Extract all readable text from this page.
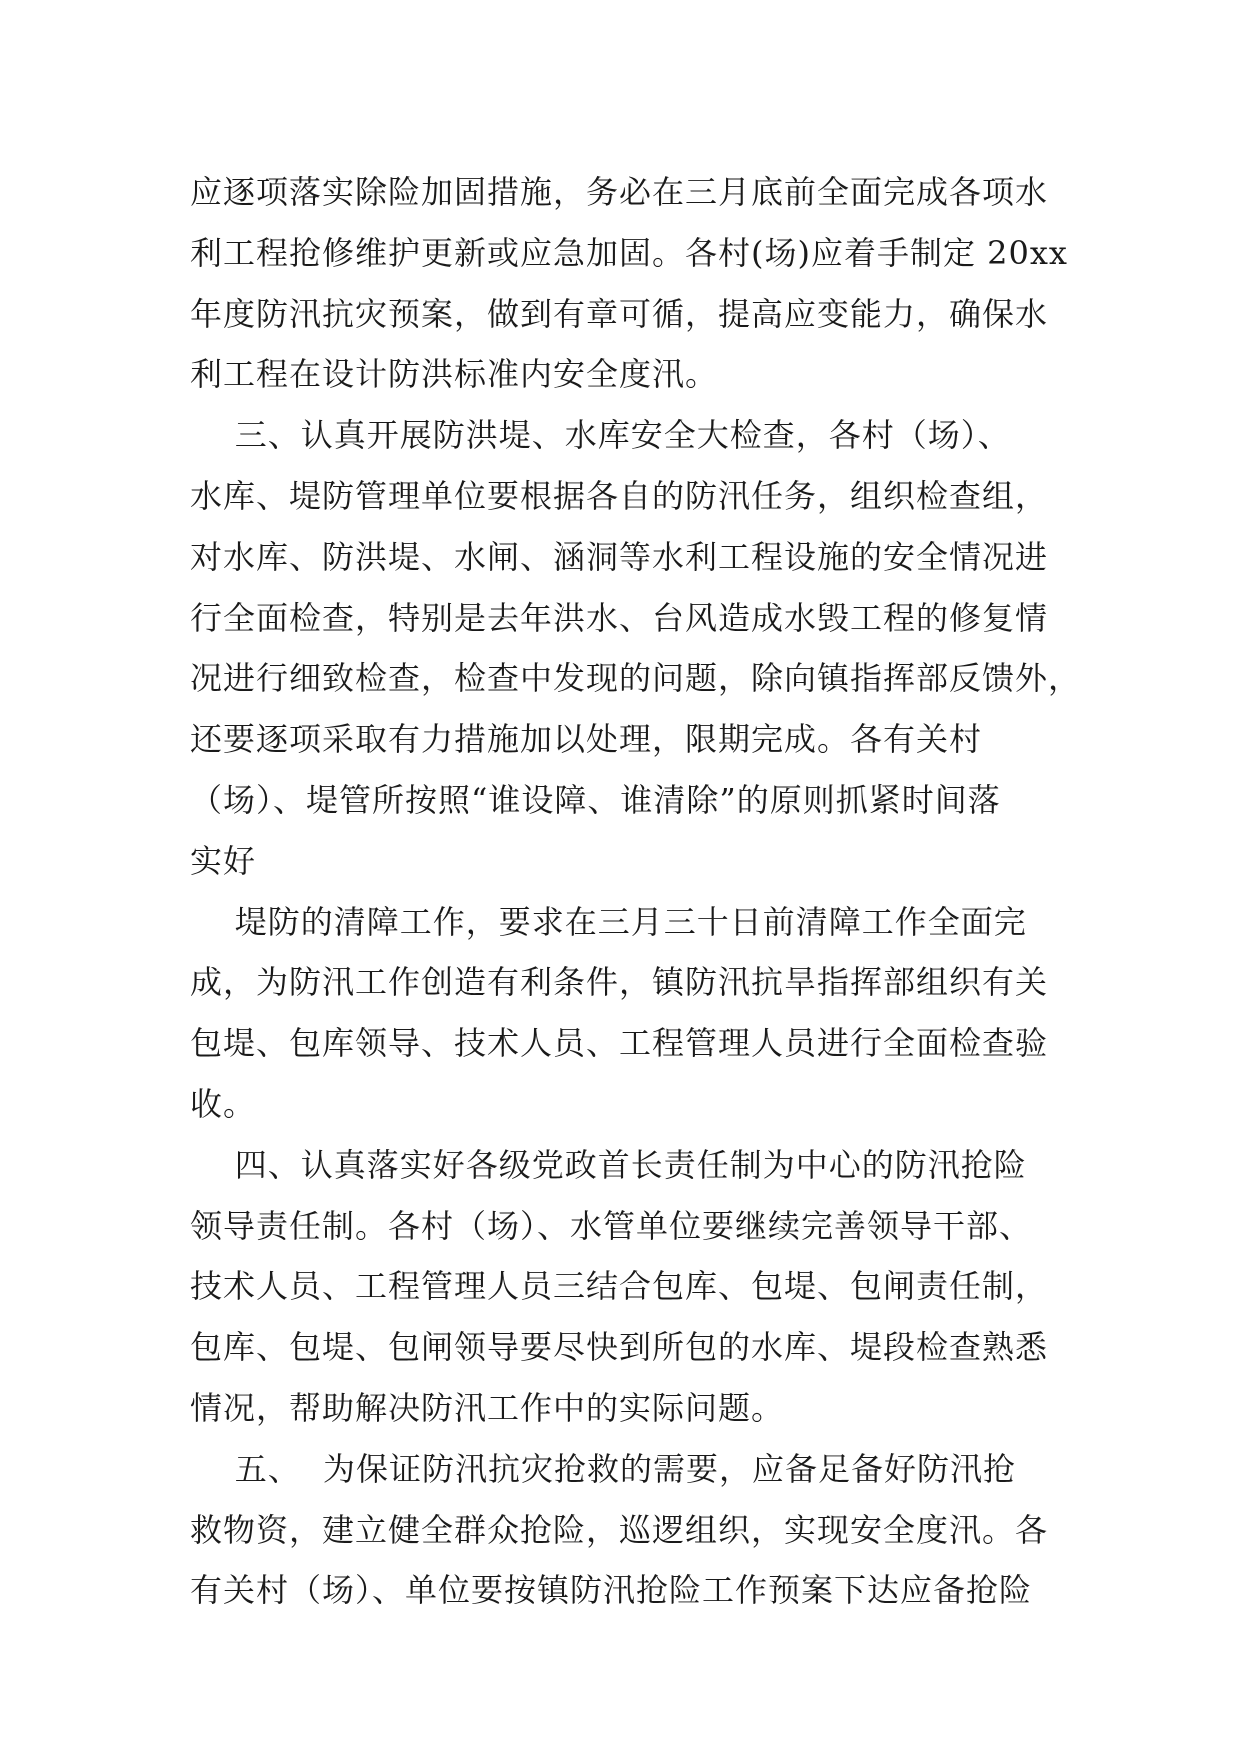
应逐项落实除险加固措施，务必在三月底前全面完成各项水
利工程抢修维护更新或应急加固。各村(场)应着手制定 20xx
年度防汛抗灾预案，做到有章可循，提高应变能力，确保水
利工程在设计防洪标准内安全度汛。
三、认真开展防洪堤、水库安全大检查，各村（场）、
水库、堤防管理单位要根据各自的防汛任务，组织检查组，
对水库、防洪堤、水闸、涵洞等水利工程设施的安全情况进
行全面检查，特别是去年洪水、台风造成水毁工程的修复情
况进行细致检查，检查中发现的问题，除向镇指挥部反馈外，
还要逐项采取有力措施加以处理，限期完成。各有关村
（场）、堤管所按照“谁设障、谁清除”的原则抓紧时间落
实好
堤防的清障工作，要求在三月三十日前清障工作全面完
成，为防汛工作创造有利条件，镇防汛抗旱指挥部组织有关
包堤、包库领导、技术人员、工程管理人员进行全面检查验
收。
四、认真落实好各级党政首长责任制为中心的防汛抢险
领导责任制。各村（场）、水管单位要继续完善领导干部、
技术人员、工程管理人员三结合包库、包堤、包闸责任制，
包库、包堤、包闸领导要尽快到所包的水库、堤段检查熟悉
情况，帮助解决防汛工作中的实际问题。
五、  为保证防汛抗灾抢救的需要，应备足备好防汛抢
救物资，建立健全群众抢险，巡逻组织，实现安全度汛。各
有关村（场）、单位要按镇防汛抢险工作预案下达应备抢险
